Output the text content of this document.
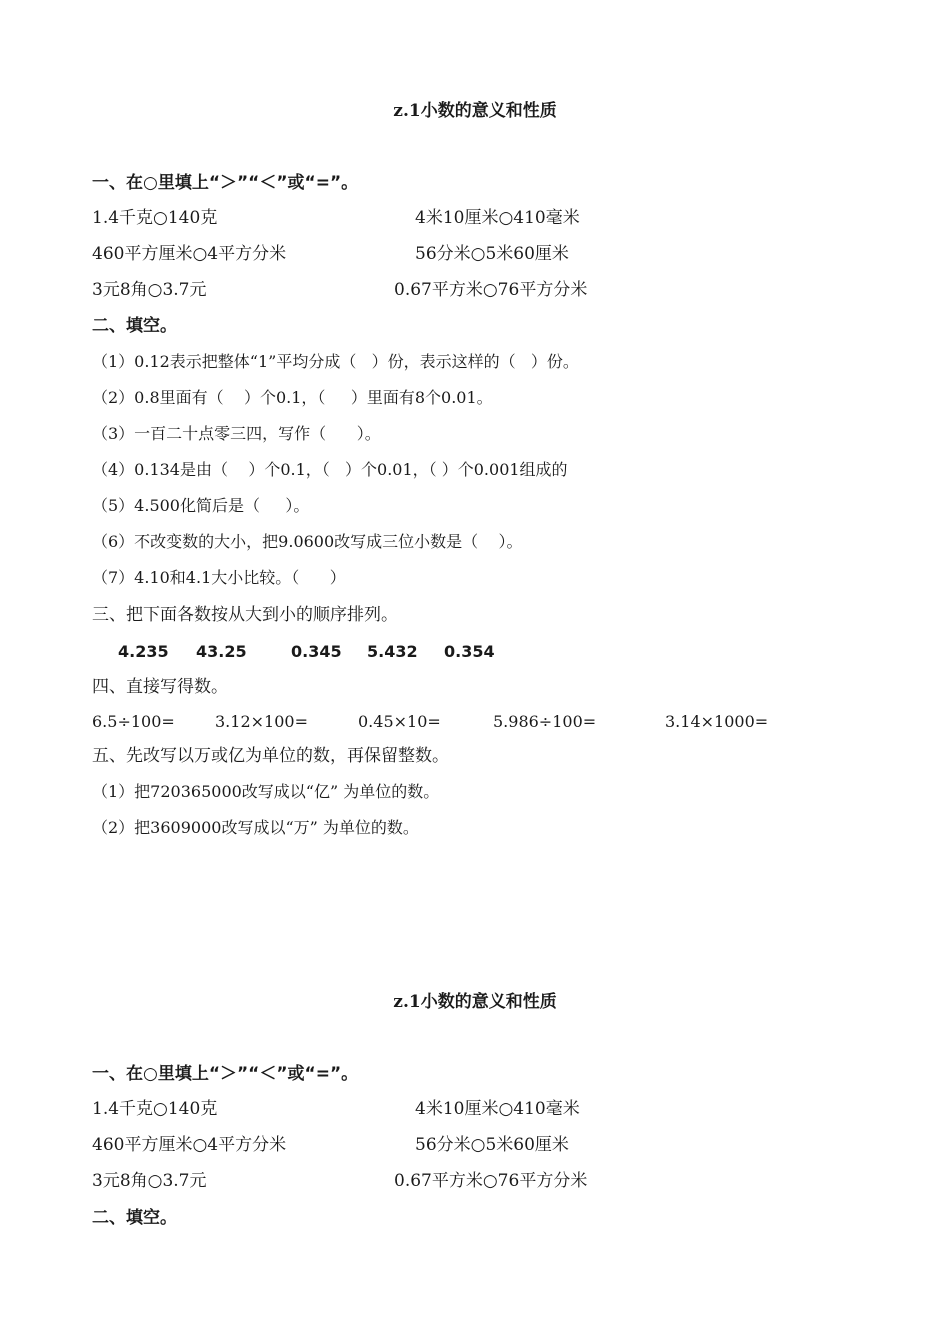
z.1小数的意义和性质
一、在○里填上“＞”“＜”或“=”。
1.4千克○140克	4米10厘米○410毫米
460平方厘米○4平方分米	56分米○5米60厘米
3元8角○3.7元	0.67平方米○76平方分米
二、填空。
（1）0.12表示把整体“1”平均分成（   ）份，表示这样的（   ）份。
（2）0.8里面有（    ）个0.1，（     ）里面有8个0.01。
（3）一百二十点零三四，写作（      ）。
（4）0.134是由（    ）个0.1，（   ）个0.01，（ ）个0.001组成的
（5）4.500化简后是（     ）。
（6）不改变数的大小，把9.0600改写成三位小数是（    ）。
（7）4.10和4.1大小比较。（      ）
三、把下面各数按从大到小的顺序排列。
4.235 43.25	0.345 5.432 0.354
四、直接写得数。
6.5÷100=	3.12×100=	0.45×10=	5.986÷100=	3.14×1000=
五、先改写以万或亿为单位的数，再保留整数。
（1）把720365000改写成以“亿” 为单位的数。
（2）把3609000改写成以“万” 为单位的数。
z.1小数的意义和性质
一、在○里填上“＞”“＜”或“=”。
1.4千克○140克	4米10厘米○410毫米
460平方厘米○4平方分米	56分米○5米60厘米
3元8角○3.7元	0.67平方米○76平方分米
二、填空。
